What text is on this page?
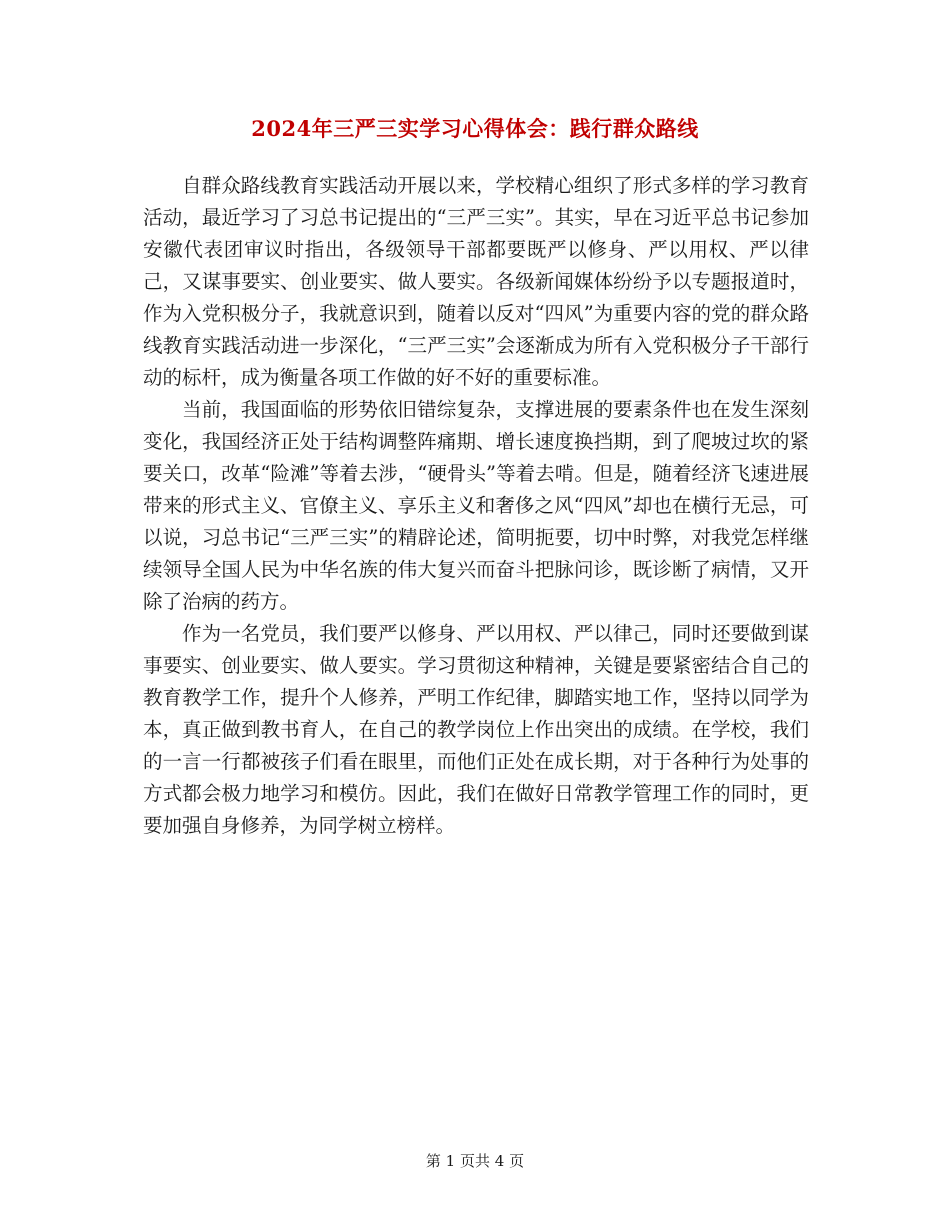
2024年三严三实学习心得体会：践行群众路线

自群众路线教育实践活动开展以来，学校精心组织了形式多样的学习教育活动，最近学习了习总书记提出的“三严三实”。其实，早在习近平总书记参加安徽代表团审议时指出，各级领导干部都要既严以修身、严以用权、严以律己，又谋事要实、创业要实、做人要实。各级新闻媒体纷纷予以专题报道时，作为入党积极分子，我就意识到，随着以反对“四风”为重要内容的党的群众路线教育实践活动进一步深化，“三严三实”会逐渐成为所有入党积极分子干部行动的标杆，成为衡量各项工作做的好不好的重要标准。

当前，我国面临的形势依旧错综复杂，支撑进展的要素条件也在发生深刻变化，我国经济正处于结构调整阵痛期、增长速度换挡期，到了爬坡过坎的紧要关口，改革“险滩”等着去涉，“硬骨头”等着去啃。但是，随着经济飞速进展带来的形式主义、官僚主义、享乐主义和奢侈之风“四风”却也在横行无忌，可以说，习总书记“三严三实”的精辟论述，简明扼要，切中时弊，对我党怎样继续领导全国人民为中华名族的伟大复兴而奋斗把脉问诊，既诊断了病情，又开除了治病的药方。

作为一名党员，我们要严以修身、严以用权、严以律己，同时还要做到谋事要实、创业要实、做人要实。学习贯彻这种精神，关键是要紧密结合自己的教育教学工作，提升个人修养，严明工作纪律，脚踏实地工作，坚持以同学为本，真正做到教书育人，在自己的教学岗位上作出突出的成绩。在学校，我们的一言一行都被孩子们看在眼里，而他们正处在成长期，对于各种行为处事的方式都会极力地学习和模仿。因此，我们在做好日常教学管理工作的同时，更要加强自身修养，为同学树立榜样。

第 1 页共 4 页
